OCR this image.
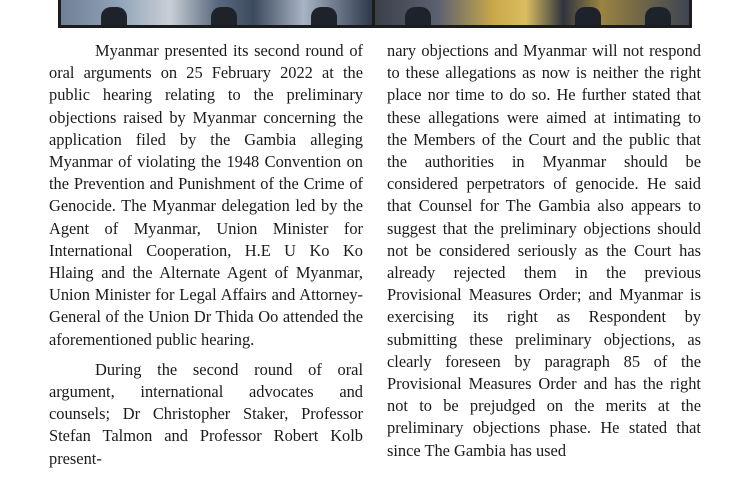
Myanmar presented its second round of oral arguments on 25 February 2022 at the public hearing relating to the preliminary objections raised by Myanmar concerning the application filed by the Gambia alleging Myanmar of violating the 1948 Convention on the Prevention and Punishment of the Crime of Genocide. The Myanmar delegation led by the Agent of Myanmar, Union Minister for International Cooperation, H.E U Ko Ko Hlaing and the Alternate Agent of Myanmar, Union Minister for Legal Affairs and Attorney-General of the Union Dr Thida Oo attended the aforementioned public hearing.

During the second round of oral argument, international advocates and counsels; Dr Christopher Staker, Professor Stefan Talmon and Professor Robert Kolb present-

nary objections and Myanmar will not respond to these allegations as now is neither the right place nor time to do so. He further stated that these allegations were aimed at intimating to the Members of the Court and the public that the authorities in Myanmar should be considered perpetrators of genocide. He said that Counsel for The Gambia also appears to suggest that the preliminary objections should not be considered seriously as the Court has already rejected them in the previous Provisional Measures Order; and Myanmar is exercising its right as Respondent by submitting these preliminary objections, as clearly foreseen by paragraph 85 of the Provisional Measures Order and has the right not to be prejudged on the merits at the preliminary objections phase. He stated that since The Gambia has used
